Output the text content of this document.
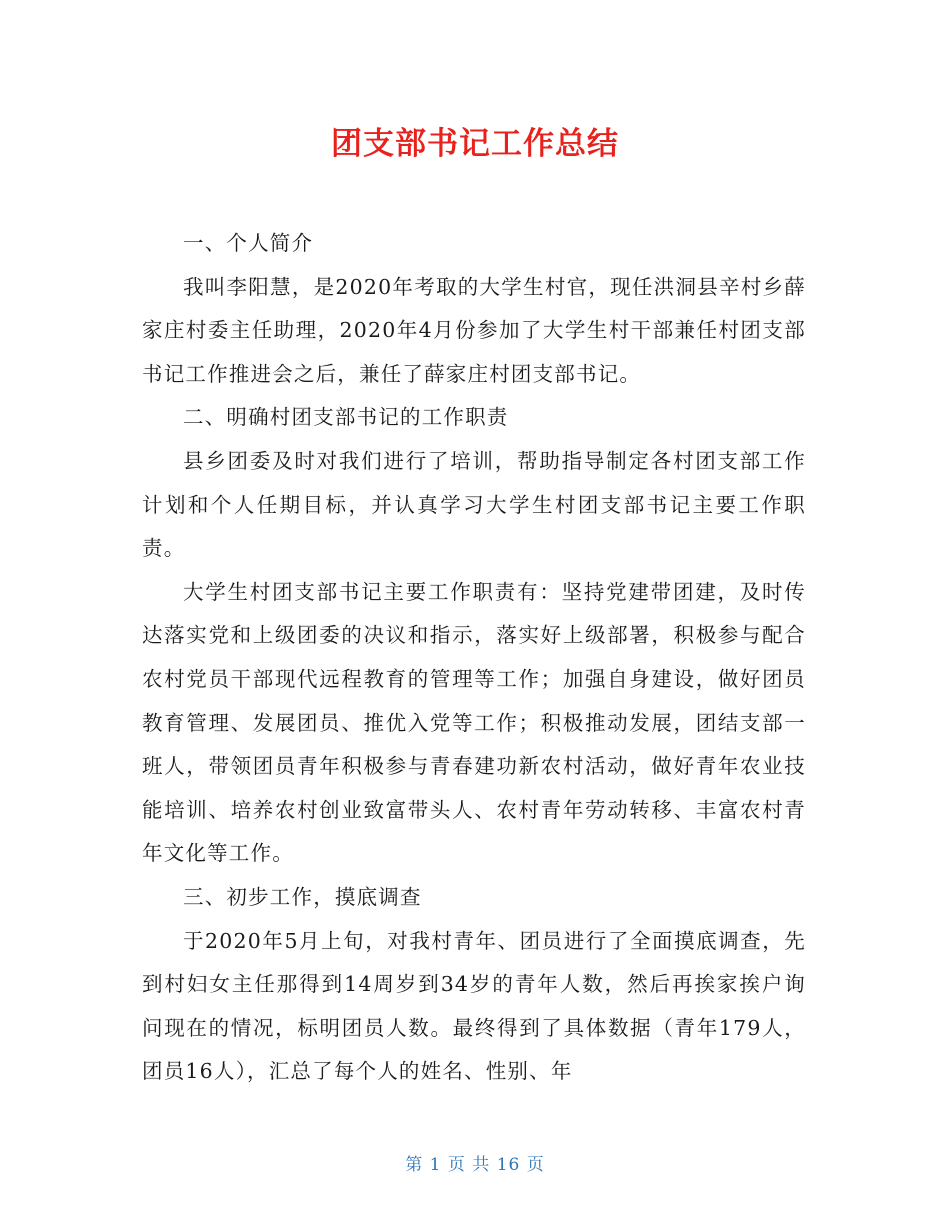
团支部书记工作总结

一、个人简介

我叫李阳慧，是2020年考取的大学生村官，现任洪洞县辛村乡薛家庄村委主任助理，2020年4月份参加了大学生村干部兼任村团支部书记工作推进会之后，兼任了薛家庄村团支部书记。

二、明确村团支部书记的工作职责

县乡团委及时对我们进行了培训，帮助指导制定各村团支部工作计划和个人任期目标，并认真学习大学生村团支部书记主要工作职责。

大学生村团支部书记主要工作职责有：坚持党建带团建，及时传达落实党和上级团委的决议和指示，落实好上级部署，积极参与配合农村党员干部现代远程教育的管理等工作；加强自身建设，做好团员教育管理、发展团员、推优入党等工作；积极推动发展，团结支部一班人，带领团员青年积极参与青春建功新农村活动，做好青年农业技能培训、培养农村创业致富带头人、农村青年劳动转移、丰富农村青年文化等工作。

三、初步工作，摸底调查

于2020年5月上旬，对我村青年、团员进行了全面摸底调查，先到村妇女主任那得到14周岁到34岁的青年人数，然后再挨家挨户询问现在的情况，标明团员人数。最终得到了具体数据（青年179人，团员16人），汇总了每个人的姓名、性别、年

第 1 页 共 16 页
